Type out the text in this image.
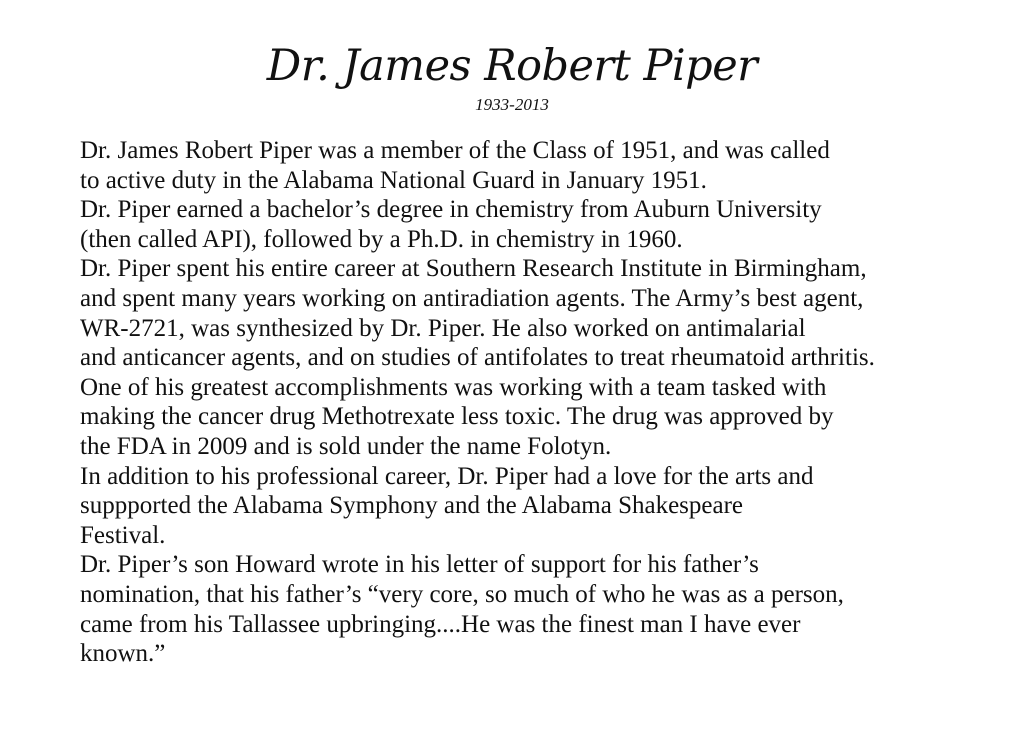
Dr. James Robert Piper
1933-2013
Dr. James Robert Piper was a member of the Class of 1951, and was called
to active duty in the Alabama National Guard in January 1951.
Dr. Piper earned a bachelor’s degree in chemistry from Auburn University
(then called API), followed by a Ph.D. in chemistry in 1960.
Dr. Piper spent his entire career at Southern Research Institute in Birmingham,
and spent many years working on antiradiation agents. The Army’s best agent,
WR-2721, was synthesized by Dr. Piper. He also worked on antimalarial
and anticancer agents, and on studies of antifolates to treat rheumatoid arthritis.
One of his greatest accomplishments was working with a team tasked with
making the cancer drug Methotrexate less toxic. The drug was approved by
the FDA in 2009 and is sold under the name Folotyn.
In addition to his professional career, Dr. Piper had a love for the arts and
suppported the Alabama Symphony and the Alabama Shakespeare
Festival.
Dr. Piper’s son Howard wrote in his letter of support for his father’s
nomination, that his father’s “very core, so much of who he was as a person,
came from his Tallassee upbringing....He was the finest man I have ever
known.”
